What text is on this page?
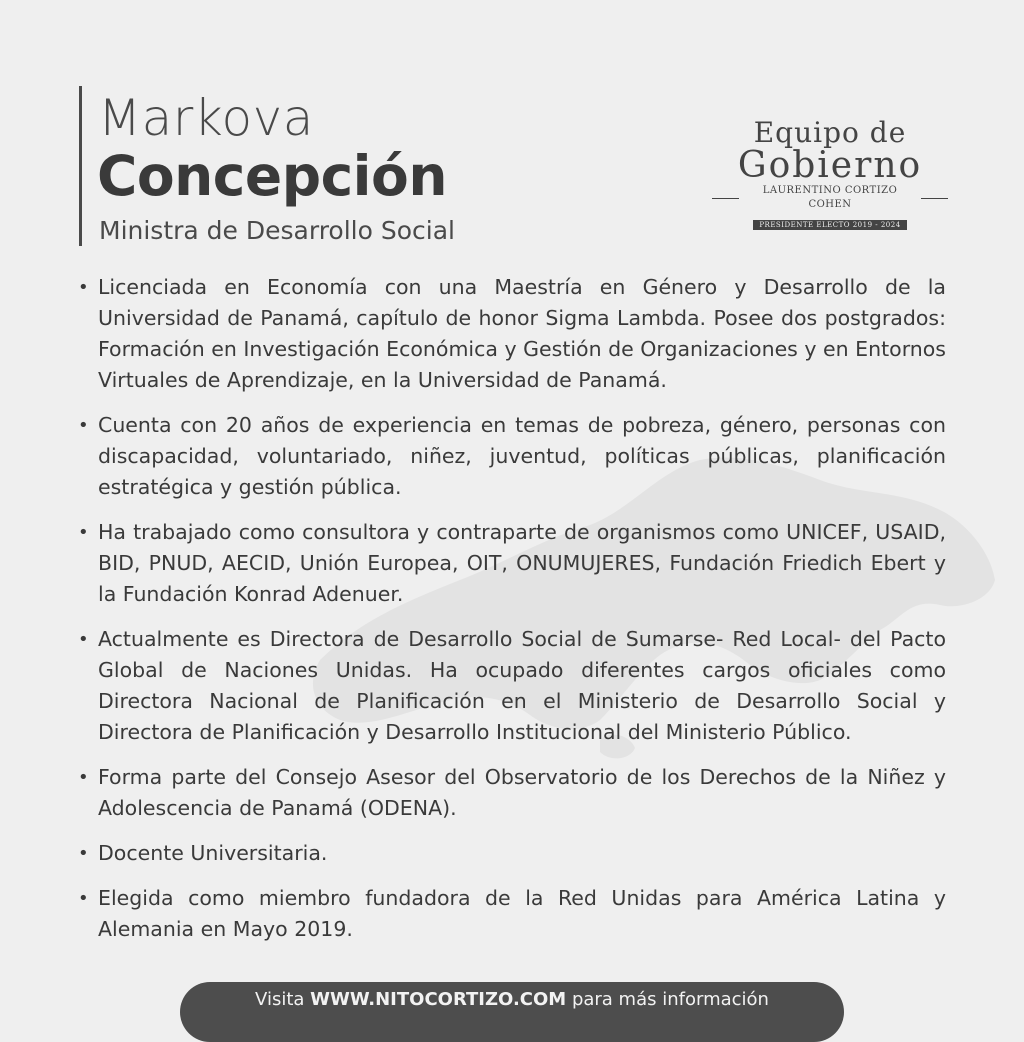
Markova
Concepción
Ministra de Desarrollo Social
Equipo de
Gobierno
LAURENTINO CORTIZO COHEN
PRESIDENTE ELECTO 2019 - 2024
• Licenciada en Economía con una Maestría en Género y Desarrollo de la Universidad de Panamá, capítulo de honor Sigma Lambda. Posee dos postgrados: Formación en Investigación Económica y Gestión de Organizaciones y en Entornos Virtuales de Aprendizaje, en la Universidad de Panamá.
• Cuenta con 20 años de experiencia en temas de pobreza, género, personas con discapacidad, voluntariado, niñez, juventud, políticas públicas, planificación estratégica y gestión pública.
• Ha trabajado como consultora y contraparte de organismos como UNICEF, USAID, BID, PNUD, AECID, Unión Europea, OIT, ONUMUJERES, Fundación Friedich Ebert y la Fundación Konrad Adenuer.
• Actualmente es Directora de Desarrollo Social de Sumarse- Red Local- del Pacto Global de Naciones Unidas. Ha ocupado diferentes cargos oficiales como Directora Nacional de Planificación en el Ministerio de Desarrollo Social y Directora de Planificación y Desarrollo Institucional del Ministerio Público.
• Forma parte del Consejo Asesor del Observatorio de los Derechos de la Niñez y Adolescencia de Panamá (ODENA).
• Docente Universitaria.
• Elegida como miembro fundadora de la Red Unidas para América Latina y Alemania en Mayo 2019.
Visita WWW.NITOCORTIZO.COM para más información
